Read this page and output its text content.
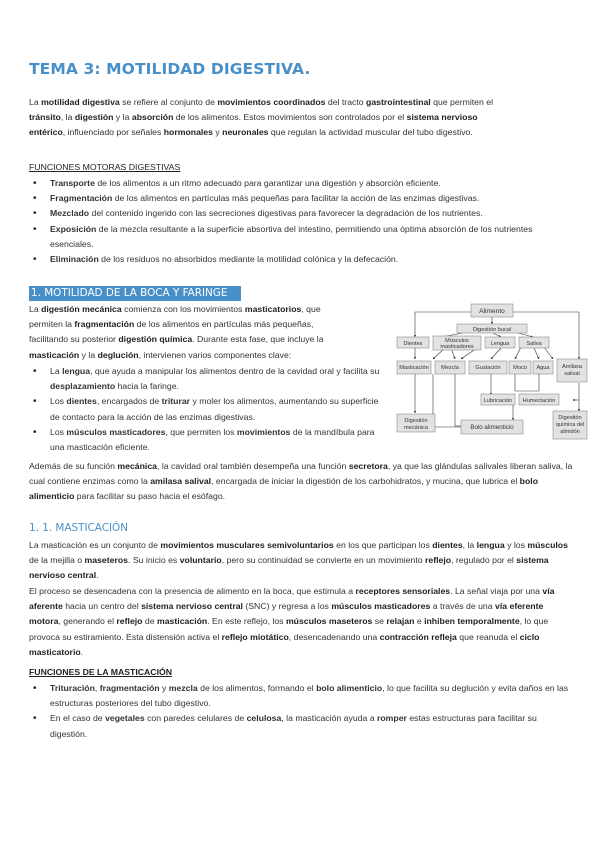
TEMA 3: MOTILIDAD DIGESTIVA.
La motilidad digestiva se refiere al conjunto de movimientos coordinados del tracto gastrointestinal que permiten el
tránsito, la digestión y la absorción de los alimentos. Estos movimientos son controlados por el sistema nervioso
entérico, influenciado por señales hormonales y neuronales que regulan la actividad muscular del tubo digestivo.
FUNCIONES MOTORAS DIGESTIVAS
• Transporte de los alimentos a un ritmo adecuado para garantizar una digestión y absorción eficiente.
• Fragmentación de los alimentos en partículas más pequeñas para facilitar la acción de las enzimas digestivas.
• Mezclado del contenido ingerido con las secreciones digestivas para favorecer la degradación de los nutrientes.
• Exposición de la mezcla resultante a la superficie absortiva del intestino, permitiendo una óptima absorción de los nutrientes esenciales.
• Eliminación de los residuos no absorbidos mediante la motilidad colónica y la defecación.
1. MOTILIDAD DE LA BOCA Y FARINGE
La digestión mecánica comienza con los movimientos masticatorios, que
permiten la fragmentación de los alimentos en partículas más pequeñas,
facilitando su posterior digestión química. Durante esta fase, que incluye la
masticación y la deglución, intervienen varios componentes clave:
• La lengua, que ayuda a manipular los alimentos dentro de la cavidad oral y facilita su desplazamiento hacia la faringe.
• Los dientes, encargados de triturar y moler los alimentos, aumentando su superficie de contacto para la acción de las enzimas digestivas.
• Los músculos masticadores, que permiten los movimientos de la mandíbula para una masticación eficiente.
Alimento
Digestión bucal
Dientes	Músculos
masticadores	Lengua	Saliva
Masticación Mezcla	Gustación Moco Agua Amilasa
salival
Lubricación Humectación
Digestión
mecánica	Bolo alimenticio
Digestión
química del
almidón
Además de su función mecánica, la cavidad oral también desempeña una función secretora, ya que las glándulas salivales liberan saliva, la cual contiene enzimas como la amilasa salival, encargada de iniciar la digestión de los carbohidratos, y mucina, que lubrica el bolo alimenticio para facilitar su paso hacia el esófago.
1. 1. MASTICACIÓN
La masticación es un conjunto de movimientos musculares semivoluntarios en los que participan los dientes, la lengua y los músculos de la mejilla o maseteros. Su inicio es voluntario, pero su continuidad se convierte en un movimiento reflejo, regulado por el sistema nervioso central.
El proceso se desencadena con la presencia de alimento en la boca, que estimula a receptores sensoriales. La señal viaja por una vía aferente hacia un centro del sistema nervioso central (SNC) y regresa a los músculos masticadores a través de una vía eferente motora, generando el reflejo de masticación. En este reflejo, los músculos maseteros se relajan e inhiben temporalmente, lo que provoca su estiramiento. Esta distensión activa el reflejo miotático, desencadenando una contracción refleja que reanuda el ciclo masticatorio.
FUNCIONES DE LA MASTICACIÓN
• Trituración, fragmentación y mezcla de los alimentos, formando el bolo alimenticio, lo que facilita su deglución y evita daños en las estructuras posteriores del tubo digestivo.
• En el caso de vegetales con paredes celulares de celulosa, la masticación ayuda a romper estas estructuras para facilitar su digestión.
